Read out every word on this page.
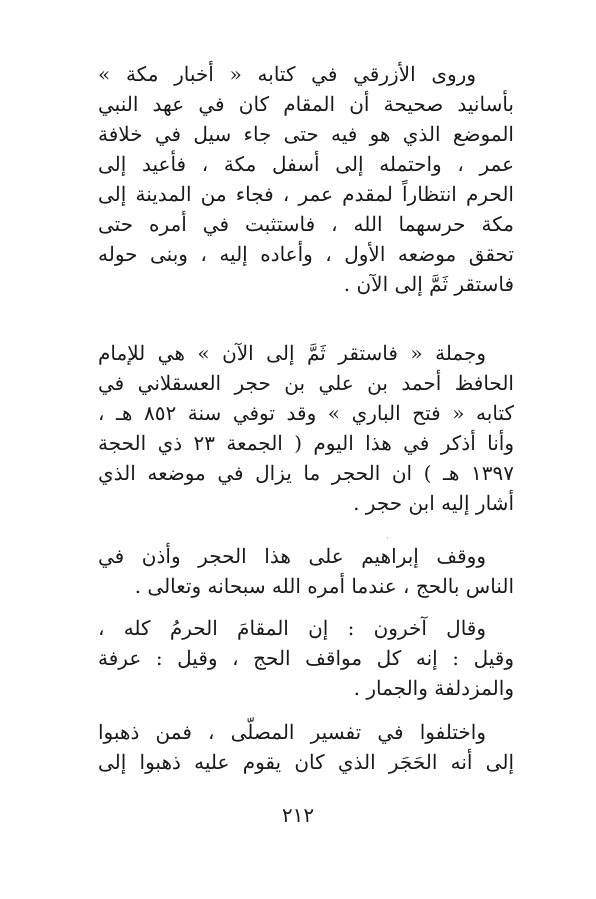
وروى الأزرقي في كتابه « أخبار مكة »
بأسانيد صحيحة أن المقام كان في عهد النبي
الموضع الذي هو فيه حتى جاء سيل في خلافة
عمر ، واحتمله إلى أسفل مكة ، فأعيد إلى
الحرم انتظاراً لمقدم عمر ، فجاء من المدينة إلى
مكة حرسهما الله ، فاستثبت في أمره حتى
تحقق موضعه الأول ، وأعاده إليه ، وبنى حوله
فاستقر ثَمَّ إلى الآن .
وجملة « فاستقر ثَمَّ إلى الآن » هي للإمام
الحافظ أحمد بن علي بن حجر العسقلاني في
كتابه « فتح الباري » وقد توفي سنة ٨٥٢ هـ ،
وأنا أذكر في هذا اليوم ( الجمعة ٢٣ ذي الحجة
١٣٩٧ هـ ) ان الحجر ما يزال في موضعه الذي
أشار إليه ابن حجر .
ووقف إبراهيم على هذا الحجر وأذن في
الناس بالحج ، عندما أمره الله سبحانه وتعالى .
وقال آخرون : إن المقامَ الحرمُ كله ،
وقيل : إنه كل مواقف الحج ، وقيل : عرفة
والمزدلفة والجمار .
واختلفوا في تفسير المصلّى ، فمن ذهبوا
إلى أنه الحَجَر الذي كان يقوم عليه ذهبوا إلى
·
٢١٢
